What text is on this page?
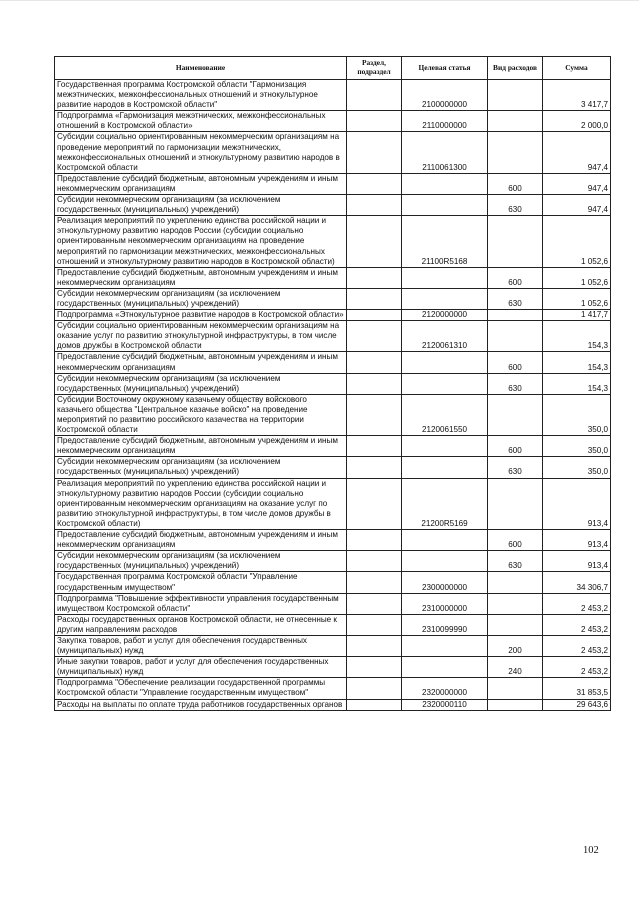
Наименование	Раздел, подраздел	Целевая статья	Вид расходов	Сумма
Государственная программа Костромской области "Гармонизация межэтнических, межконфессиональных отношений и этнокультурное развитие народов в Костромской области"		2100000000		3 417,7
Подпрограмма «Гармонизация межэтнических, межконфессиональных отношений в Костромской области»		2110000000		2 000,0
Субсидии социально ориентированным некоммерческим организациям на проведение мероприятий по гармонизации межэтнических, межконфессиональных отношений и этнокультурному развитию народов в Костромской области		2110061300		947,4
Предоставление субсидий бюджетным, автономным учреждениям и иным некоммерческим организациям			600	947,4
Субсидии некоммерческим организациям (за исключением государственных (муниципальных) учреждений)			630	947,4
Реализация мероприятий по укреплению единства российской нации и этнокультурному развитию народов России (субсидии социально ориентированным некоммерческим организациям на проведение мероприятий по гармонизации межэтнических, межконфессиональных отношений и этнокультурному развитию народов в Костромской области)		21100R5168		1 052,6
Предоставление субсидий бюджетным, автономным учреждениям и иным некоммерческим организациям			600	1 052,6
Субсидии некоммерческим организациям (за исключением государственных (муниципальных) учреждений)			630	1 052,6
Подпрограмма «Этнокультурное развитие народов в Костромской области»		2120000000		1 417,7
Субсидии социально ориентированным некоммерческим организациям на оказание услуг по развитию этнокультурной инфраструктуры, в том числе домов дружбы в Костромской области		2120061310		154,3
Предоставление субсидий бюджетным, автономным учреждениям и иным некоммерческим организациям			600	154,3
Субсидии некоммерческим организациям (за исключением государственных (муниципальных) учреждений)			630	154,3
Субсидии Восточному окружному казачьему обществу войскового казачьего общества "Центральное казачье войско" на проведение мероприятий по развитию российского казачества на территории Костромской области		2120061550		350,0
Предоставление субсидий бюджетным, автономным учреждениям и иным некоммерческим организациям			600	350,0
Субсидии некоммерческим организациям (за исключением государственных (муниципальных) учреждений)			630	350,0
Реализация мероприятий по укреплению единства российской нации и этнокультурному развитию народов России (субсидии социально ориентированным некоммерческим организациям на оказание услуг по развитию этнокультурной инфраструктуры, в том числе домов дружбы в Костромской области)		21200R5169		913,4
Предоставление субсидий бюджетным, автономным учреждениям и иным некоммерческим организациям			600	913,4
Субсидии некоммерческим организациям (за исключением государственных (муниципальных) учреждений)			630	913,4
Государственная программа Костромской области "Управление государственным имуществом"		2300000000		34 306,7
Подпрограмма "Повышение эффективности управления государственным имуществом Костромской области"		2310000000		2 453,2
Расходы государственных органов Костромской области, не отнесенные к другим направлениям расходов		2310099990		2 453,2
Закупка товаров, работ и услуг для обеспечения государственных (муниципальных) нужд			200	2 453,2
Иные закупки товаров, работ и услуг для обеспечения государственных (муниципальных) нужд			240	2 453,2
Подпрограмма "Обеспечение реализации государственной программы Костромской области "Управление государственным имуществом"		2320000000		31 853,5
Расходы на выплаты по оплате труда работников государственных органов		2320000110		29 643,6
102
